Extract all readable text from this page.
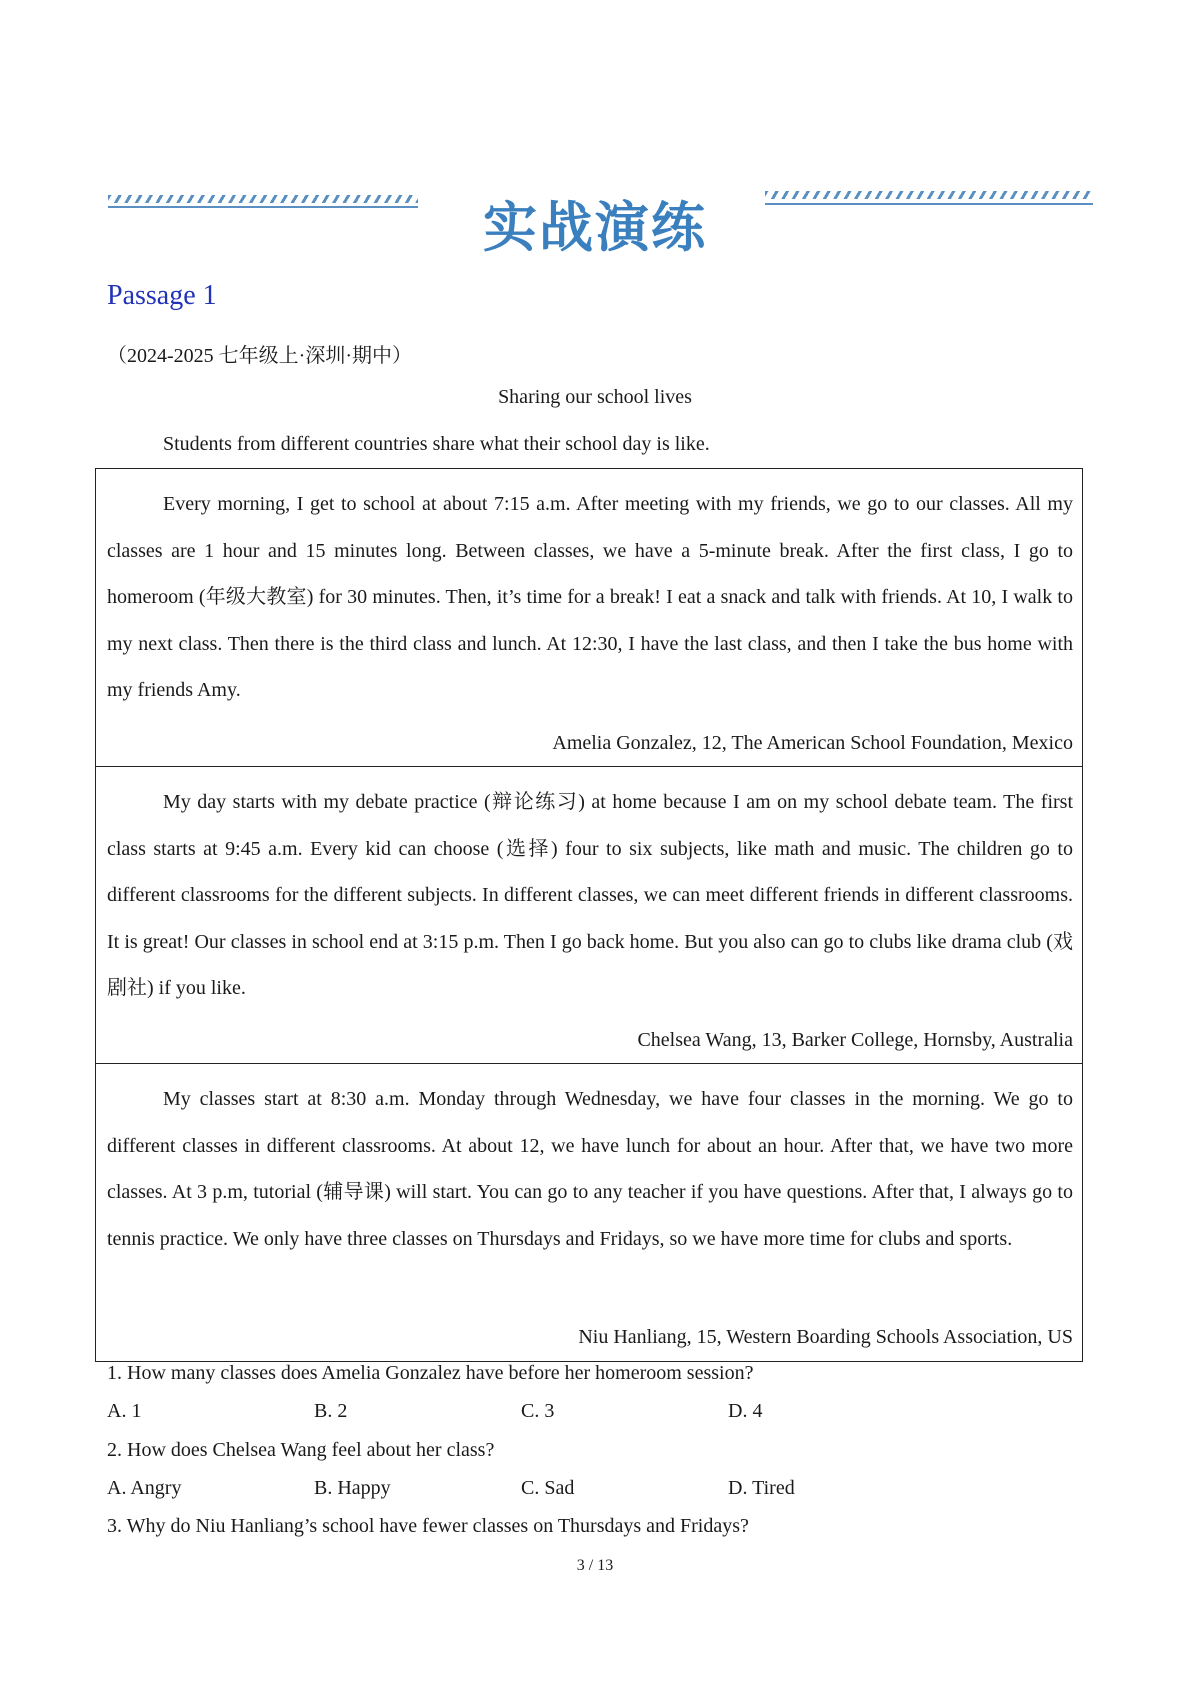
实战演练
Passage 1
（2024-2025 七年级上·深圳·期中）
Sharing our school lives
Students from different countries share what their school day is like.

Every morning, I get to school at about 7:15 a.m. After meeting with my friends, we go to our classes. All my classes are 1 hour and 15 minutes long. Between classes, we have a 5-minute break. After the first class, I go to homeroom (年级大教室) for 30 minutes. Then, it’s time for a break! I eat a snack and talk with friends. At 10, I walk to my next class. Then there is the third class and lunch. At 12:30, I have the last class, and then I take the bus home with my friends Amy.

Amelia Gonzalez, 12, The American School Foundation, Mexico

My day starts with my debate practice (辩论练习) at home because I am on my school debate team. The first class starts at 9:45 a.m. Every kid can choose (选择) four to six subjects, like math and music. The children go to different classrooms for the different subjects. In different classes, we can meet different friends in different classrooms. It is great! Our classes in school end at 3:15 p.m. Then I go back home. But you also can go to clubs like drama club (戏剧社) if you like.

Chelsea Wang, 13, Barker College, Hornsby, Australia

My classes start at 8:30 a.m. Monday through Wednesday, we have four classes in the morning. We go to different classes in different classrooms. At about 12, we have lunch for about an hour. After that, we have two more classes. At 3 p.m, tutorial (辅导课) will start. You can go to any teacher if you have questions. After that, I always go to tennis practice. We only have three classes on Thursdays and Fridays, so we have more time for clubs and sports.

Niu Hanliang, 15, Western Boarding Schools Association, US
1. How many classes does Amelia Gonzalez have before her homeroom session?
A. 1	B. 2	C. 3	D. 4
2. How does Chelsea Wang feel about her class?
A. Angry	B. Happy	C. Sad	D. Tired
3. Why do Niu Hanliang’s school have fewer classes on Thursdays and Fridays?
3 / 13
